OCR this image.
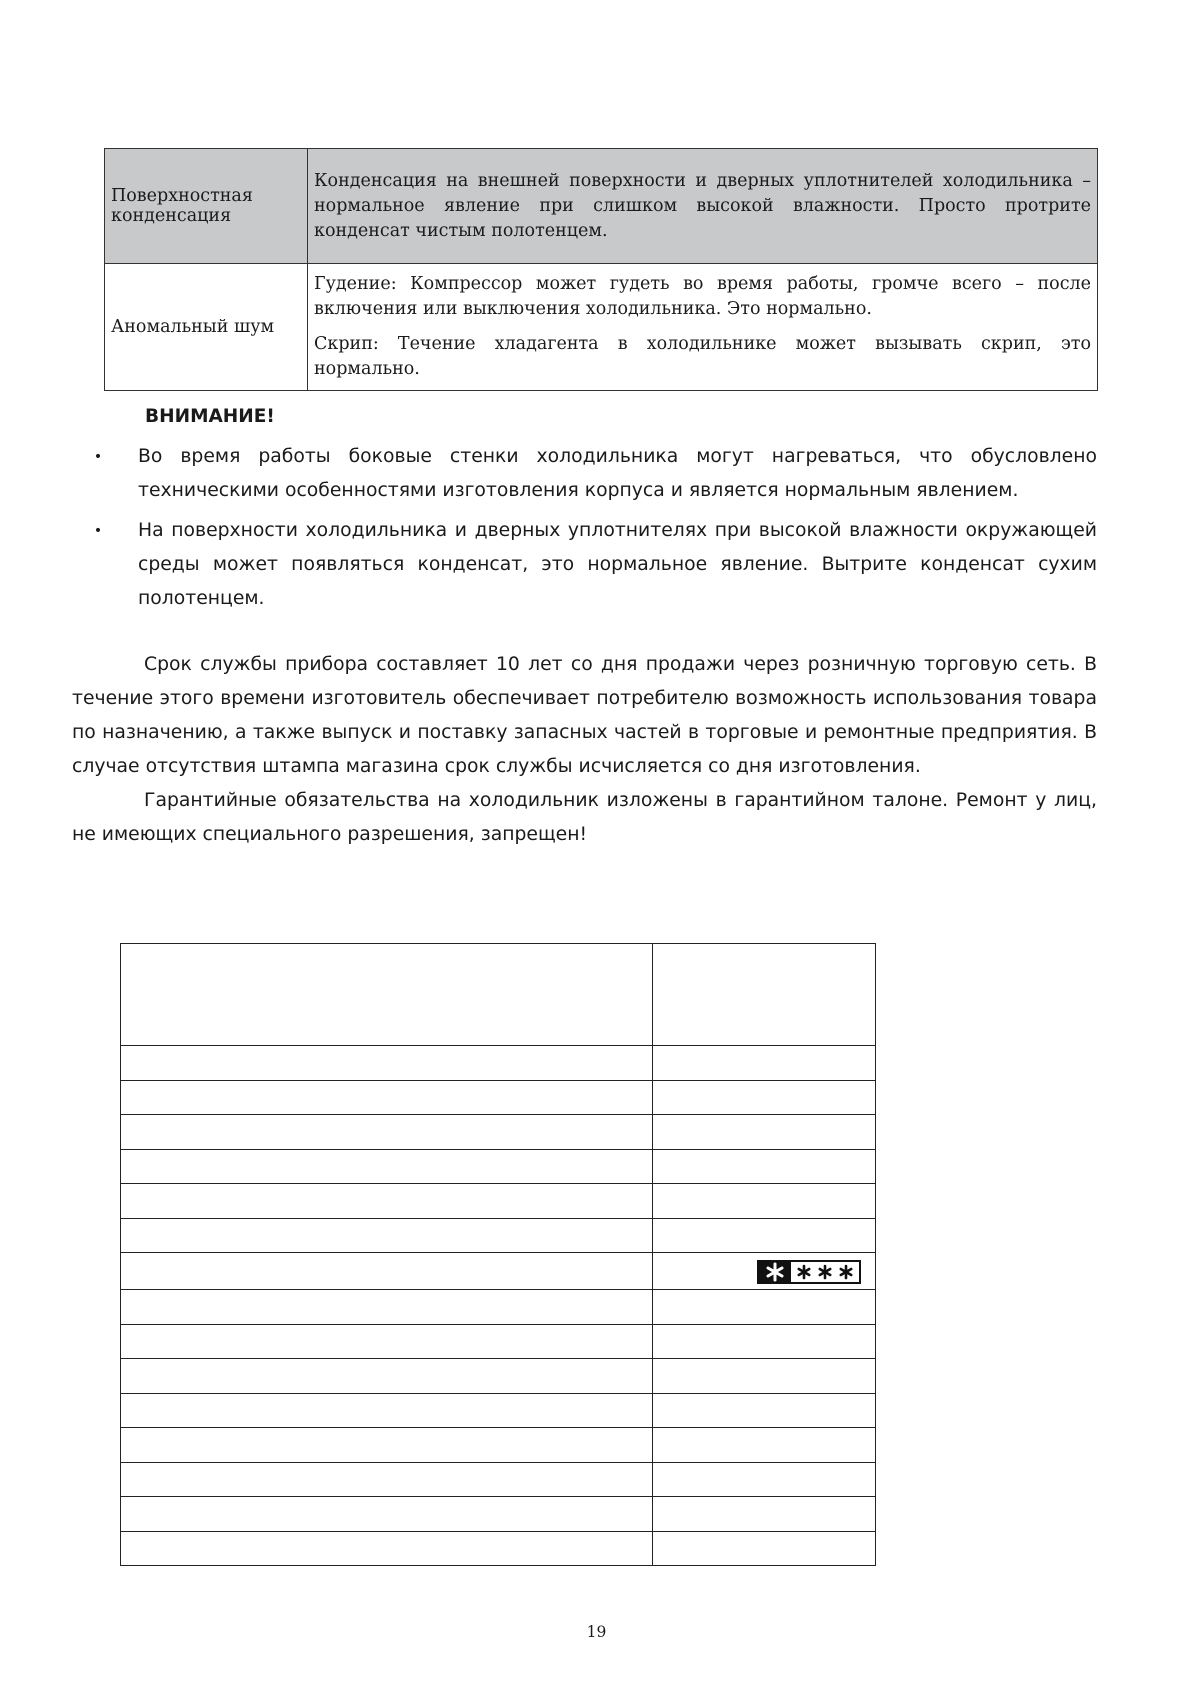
Поверхностная конденсация	

Конденсация на внешней поверхности и дверных уплотнителей холодильника – нормальное явление при слишком высокой влажности. Просто протрите конденсат чистым полотенцем.

Аномальный шум	

Гудение: Компрессор может гудеть во время работы, громче всего – после включения или выключения холодильника. Это нормально.

Скрип: Течение хладагента в холодильнике может вызывать скрип, это нормально.

ВНИМАНИЕ!
• Во время работы боковые стенки холодильника могут нагреваться, что обусловлено техническими особенностями изготовления корпуса и является нормальным явлением.
• На поверхности холодильника и дверных уплотнителях при высокой влажности окружающей среды может появляться конденсат, это нормальное явление. Вытрите конденсат сухим полотенцем.

Срок службы прибора составляет 10 лет со дня продажи через розничную торговую сеть. В течение этого времени изготовитель обеспечивает потребителю возможность использования товара по назначению, а также выпуск и поставку запасных частей в торговые и ремонтные предприятия. В случае отсутствия штампа магазина срок службы исчисляется со дня изготовления.

Гарантийные обязательства на холодильник изложены в гарантийном талоне. Ремонт у лиц, не имеющих специального разрешения, запрещен!

19
